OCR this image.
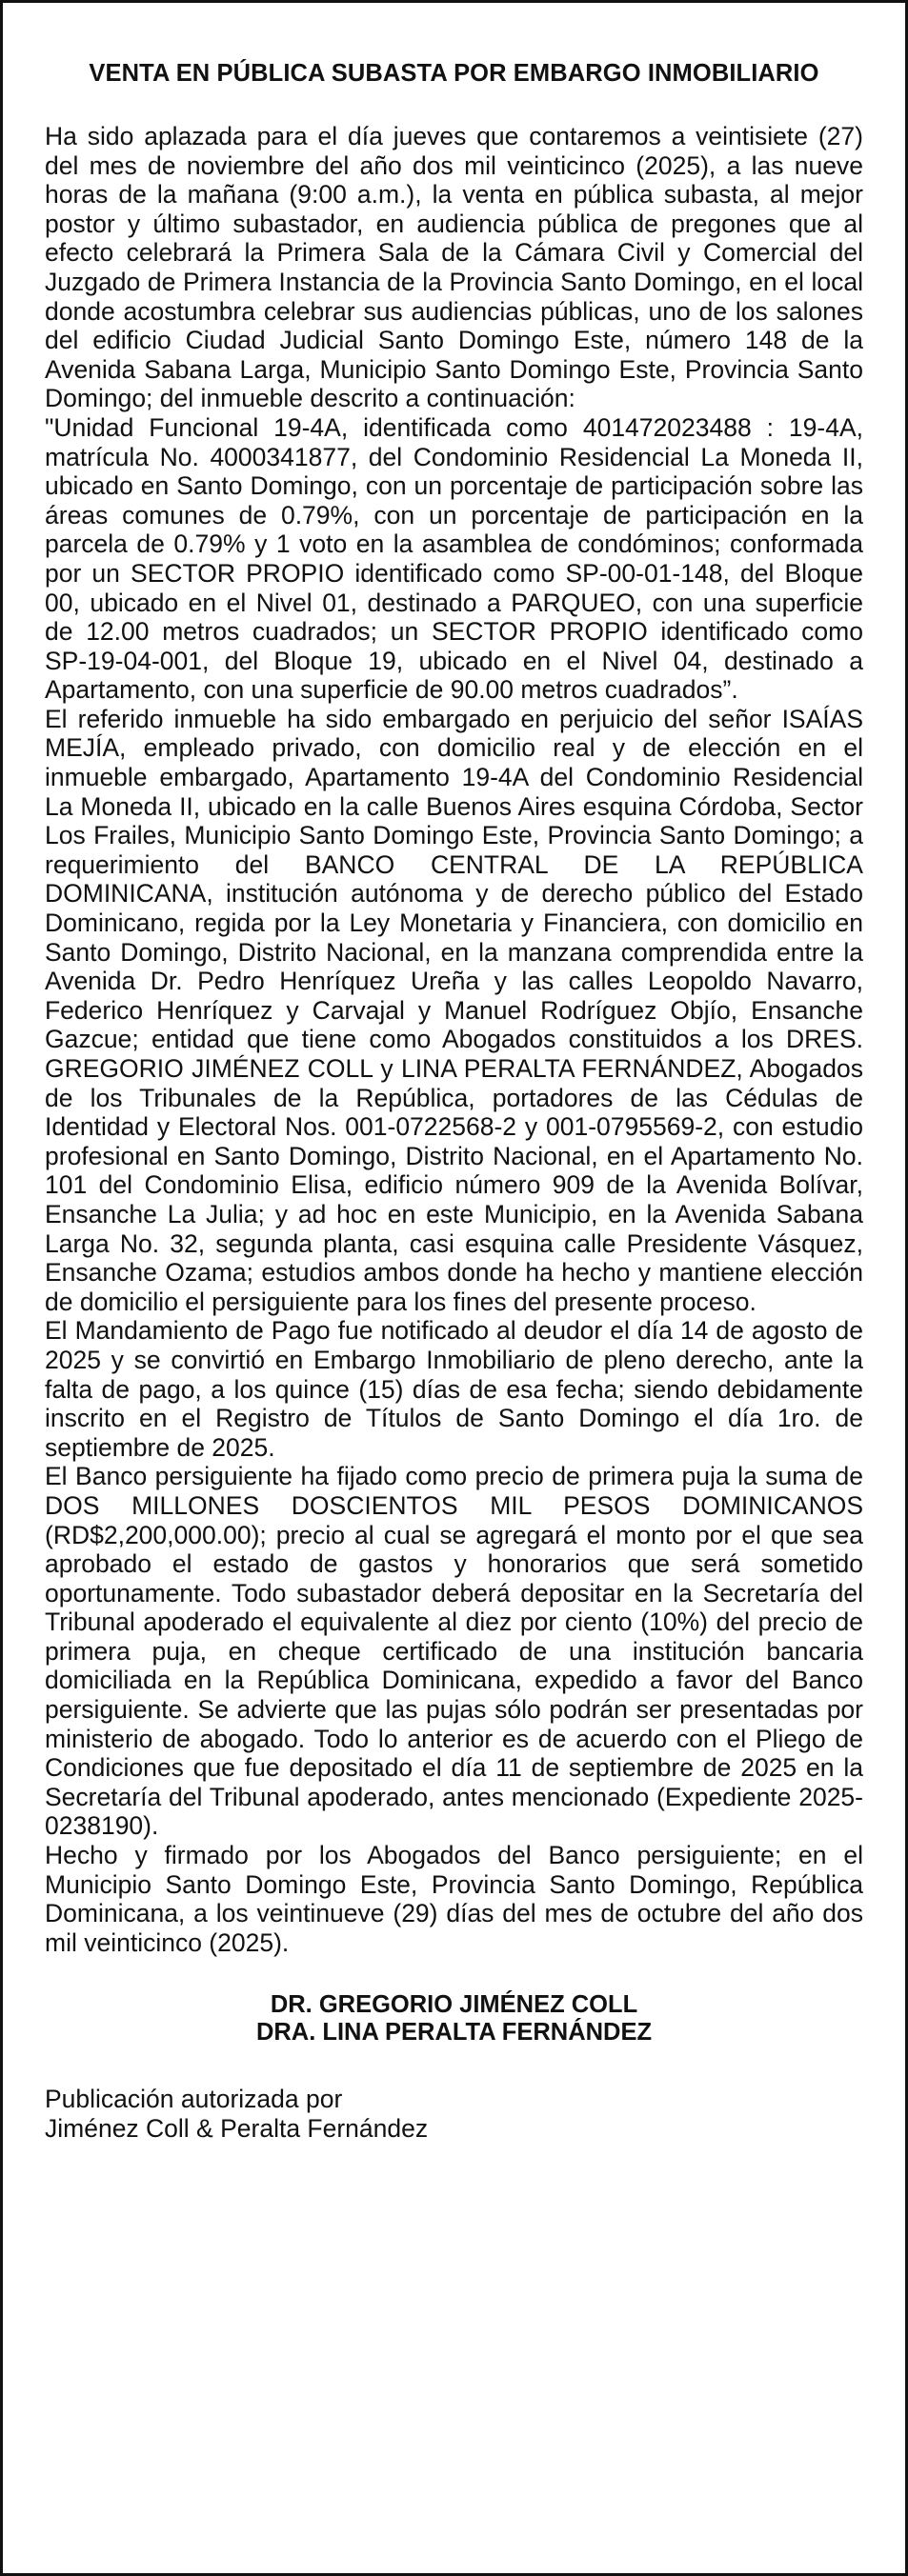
VENTA EN PÚBLICA SUBASTA POR EMBARGO INMOBILIARIO

Ha sido aplazada para el día jueves que contaremos a veintisiete (27) del mes de noviembre del año dos mil veinticinco (2025), a las nueve horas de la mañana (9:00 a.m.), la venta en pública subasta, al mejor postor y último subastador, en audiencia pública de pregones que al efecto celebrará la Primera Sala de la Cámara Civil y Comercial del Juzgado de Primera Instancia de la Provincia Santo Domingo, en el local donde acostumbra celebrar sus audiencias públicas, uno de los salones del edificio Ciudad Judicial Santo Domingo Este, número 148 de la Avenida Sabana Larga, Municipio Santo Domingo Este, Provincia Santo Domingo; del inmueble descrito a continuación:

"Unidad Funcional 19-4A, identificada como 401472023488 : 19-4A, matrícula No. 4000341877, del Condominio Residencial La Moneda II, ubicado en Santo Domingo, con un porcentaje de participación sobre las áreas comunes de 0.79%, con un porcentaje de participación en la parcela de 0.79% y 1 voto en la asamblea de condóminos; conformada por un SECTOR PROPIO identificado como SP-00-01-148, del Bloque 00, ubicado en el Nivel 01, destinado a PARQUEO, con una superficie de 12.00 metros cuadrados; un SECTOR PROPIO identificado como SP-19-04-001, del Bloque 19, ubicado en el Nivel 04, destinado a Apartamento, con una superficie de 90.00 metros cuadrados”.

El referido inmueble ha sido embargado en perjuicio del señor ISAÍAS MEJÍA, empleado privado, con domicilio real y de elección en el inmueble embargado, Apartamento 19-4A del Condominio Residencial La Moneda II, ubicado en la calle Buenos Aires esquina Córdoba, Sector Los Frailes, Municipio Santo Domingo Este, Provincia Santo Domingo; a requerimiento del BANCO CENTRAL DE LA REPÚBLICA DOMINICANA, institución autónoma y de derecho público del Estado Dominicano, regida por la Ley Monetaria y Financiera, con domicilio en Santo Domingo, Distrito Nacional, en la manzana comprendida entre la Avenida Dr. Pedro Henríquez Ureña y las calles Leopoldo Navarro, Federico Henríquez y Carvajal y Manuel Rodríguez Objío, Ensanche Gazcue; entidad que tiene como Abogados constituidos a los DRES. GREGORIO JIMÉNEZ COLL y LINA PERALTA FERNÁNDEZ, Abogados de los Tribunales de la República, portadores de las Cédulas de Identidad y Electoral Nos. 001-0722568-2 y 001-0795569-2, con estudio profesional en Santo Domingo, Distrito Nacional, en el Apartamento No. 101 del Condominio Elisa, edificio número 909 de la Avenida Bolívar, Ensanche La Julia; y ad hoc en este Municipio, en la Avenida Sabana Larga No. 32, segunda planta, casi esquina calle Presidente Vásquez, Ensanche Ozama; estudios ambos donde ha hecho y mantiene elección de domicilio el persiguiente para los fines del presente proceso.

El Mandamiento de Pago fue notificado al deudor el día 14 de agosto de 2025 y se convirtió en Embargo Inmobiliario de pleno derecho, ante la falta de pago, a los quince (15) días de esa fecha; siendo debidamente inscrito en el Registro de Títulos de Santo Domingo el día 1ro. de septiembre de 2025.

El Banco persiguiente ha fijado como precio de primera puja la suma de DOS MILLONES DOSCIENTOS MIL PESOS DOMINICANOS (RD$2,200,000.00); precio al cual se agregará el monto por el que sea aprobado el estado de gastos y honorarios que será sometido oportunamente. Todo subastador deberá depositar en la Secretaría del Tribunal apoderado el equivalente al diez por ciento (10%) del precio de primera puja, en cheque certificado de una institución bancaria domiciliada en la República Dominicana, expedido a favor del Banco persiguiente. Se advierte que las pujas sólo podrán ser presentadas por ministerio de abogado. Todo lo anterior es de acuerdo con el Pliego de Condiciones que fue depositado el día 11 de septiembre de 2025 en la Secretaría del Tribunal apoderado, antes mencionado (Expediente 2025-0238190).

Hecho y firmado por los Abogados del Banco persiguiente; en el Municipio Santo Domingo Este, Provincia Santo Domingo, República Dominicana, a los veintinueve (29) días del mes de octubre del año dos mil veinticinco (2025).

DR. GREGORIO JIMÉNEZ COLL
DRA. LINA PERALTA FERNÁNDEZ
Publicación autorizada por
Jiménez Coll & Peralta Fernández
